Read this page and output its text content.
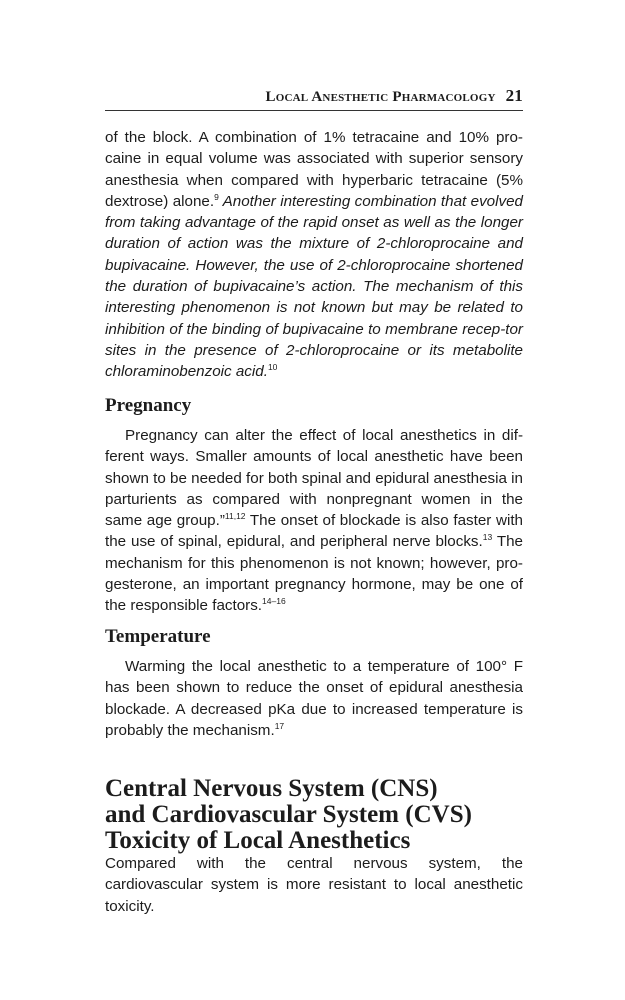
Local Anesthetic Pharmacology 21

of the block. A combination of 1% tetracaine and 10% pro-caine in equal volume was associated with superior sensory anesthesia when compared with hyperbaric tetracaine (5% dextrose) alone.$^9$ Another interesting combination that evolved from taking advantage of the rapid onset as well as the longer duration of action was the mixture of 2-chloroprocaine and bupivacaine. However, the use of 2-chloroprocaine shortened the duration of bupivacaine’s action. The mechanism of this interesting phenomenon is not known but may be related to inhibition of the binding of bupivacaine to membrane recep-tor sites in the presence of 2-chloroprocaine or its metabolite chloraminobenzoic acid.$^{10}$

Pregnancy

Pregnancy can alter the effect of local anesthetics in dif-ferent ways. Smaller amounts of local anesthetic have been shown to be needed for both spinal and epidural anesthesia in parturients as compared with nonpregnant women in the same age group.”$^{11,12}$ The onset of blockade is also faster with the use of spinal, epidural, and peripheral nerve blocks.$^{13}$ The mechanism for this phenomenon is not known; however, pro-gesterone, an important pregnancy hormone, may be one of the responsible factors.$^{14-16}$

Temperature

Warming the local anesthetic to a temperature of 100° F has been shown to reduce the onset of epidural anesthesia blockade. A decreased pKa due to increased temperature is probably the mechanism.$^{17}$

Central Nervous System (CNS)
and Cardiovascular System (CVS)
Toxicity of Local Anesthetics

Compared with the central nervous system, the cardiovascular system is more resistant to local anesthetic toxicity.
